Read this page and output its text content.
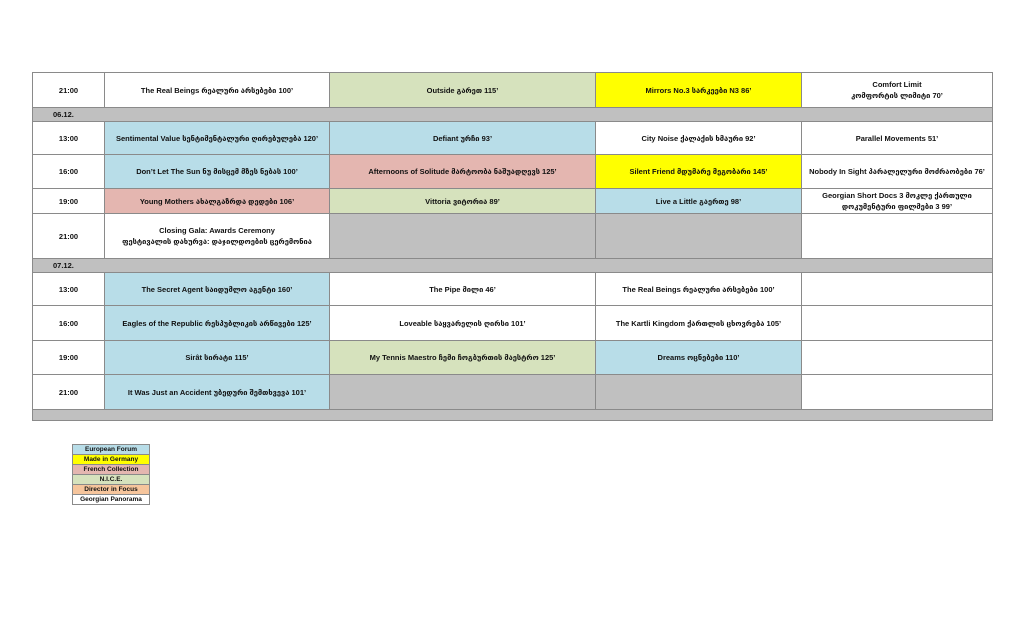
21:00	The Real Beings რეალური არსებები 100’	Outside გარეთ 115’	Mirrors No.3 სარკეები N3 86’	Comfort Limit
კომფორტის ლიმიტი 70’

06.12.				
13:00	Sentimental Value სენტიმენტალური ღირებულება 120’	Defiant ურჩი 93’	City Noise ქალაქის ხმაური 92’	Parallel Movements 51’
16:00	Don’t Let The Sun ნუ მისცემ მზეს ნებას 100’	Afternoons of Solitude მარტოობა ნაშუადღევს 125’	Silent Friend მდუმარე მეგობარი 145’	Nobody In Sight პარალელური მოძრაობები 76’
19:00	Young Mothers ახალგაზრდა დედები 106’	Vittoria ვიტორია 89’	Live a Little გაერთე 98’	Georgian Short Docs 3 მოკლე ქართული
დოკუმენტური ფილმები 3 99’

21:00	Closing Gala: Awards Ceremony
ფესტივალის დახურვა: დაჯილდოების ცერემონია			

07.12.				
13:00	The Secret Agent საიდუმლო აგენტი 160’	The Pipe მილი 46’	The Real Beings რეალური არსებები 100’	
16:00	Eagles of the Republic რესპუბლიკის არწივები 125’	Loveable საყვარელის ღირსი 101’	The Kartli Kingdom ქართლის ცხოვრება 105’	
19:00	Sirât სირატი 115’	My Tennis Maestro ჩემი ჩოგბურთის მაესტრო 125’	Dreams ოცნებები 110’	
21:00	It Was Just an Accident უბედური შემთხვევა 101’			

European Forum
Made in Germany
French Collection
N.I.C.E.
Director in Focus
Georgian Panorama
